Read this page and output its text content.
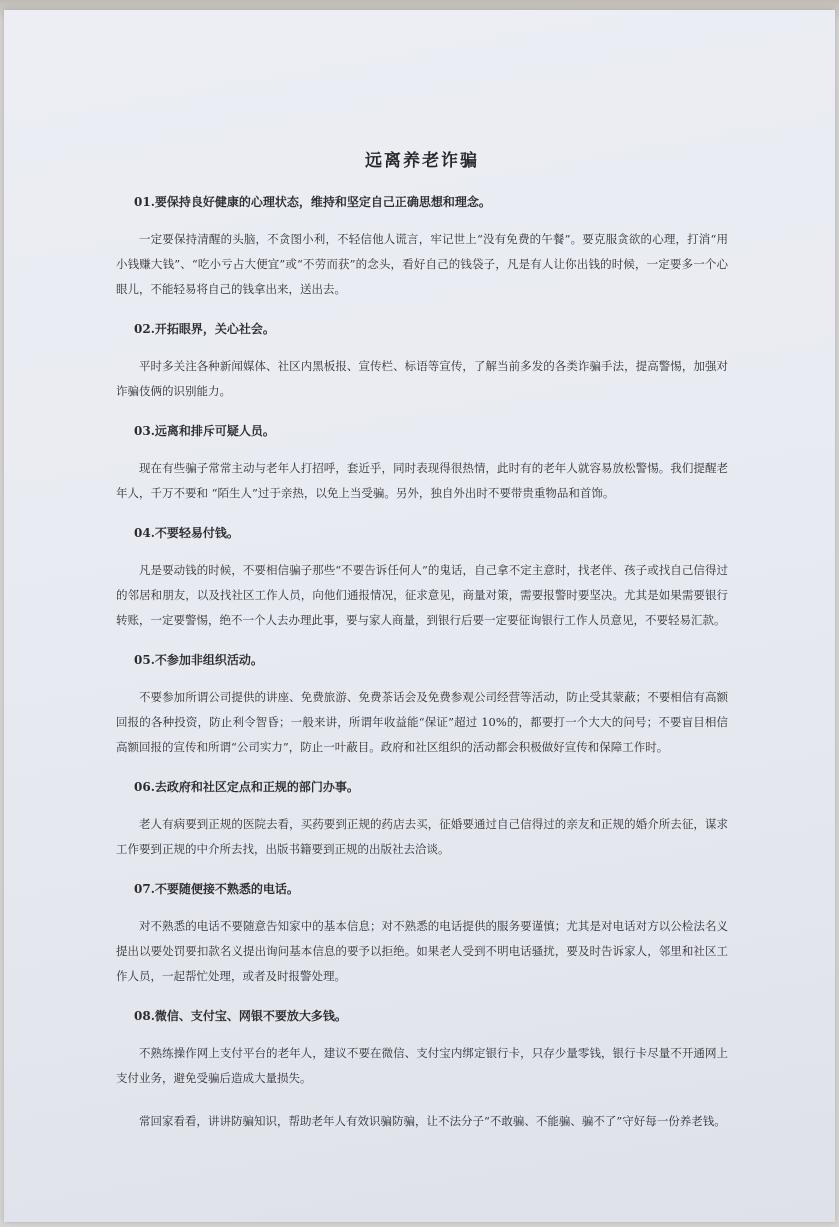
远离养老诈骗
01.要保持良好健康的心理状态，维持和坚定自己正确思想和理念。

一定要保持清醒的头脑，不贪图小利，不轻信他人谎言，牢记世上“没有免费的午餐”。要克服贪欲的心理，打消“用小钱赚大钱”、“吃小亏占大便宜”或“不劳而获”的念头，看好自己的钱袋子，凡是有人让你出钱的时候，一定要多一个心眼儿，不能轻易将自己的钱拿出来，送出去。

02.开拓眼界，关心社会。

平时多关注各种新闻媒体、社区内黑板报、宣传栏、标语等宣传，了解当前多发的各类诈骗手法，提高警惕，加强对诈骗伎俩的识别能力。

03.远离和排斥可疑人员。

现在有些骗子常常主动与老年人打招呼，套近乎，同时表现得很热情，此时有的老年人就容易放松警惕。我们提醒老年人，千万不要和 “陌生人”过于亲热，以免上当受骗。另外，独自外出时不要带贵重物品和首饰。

04.不要轻易付钱。

凡是要动钱的时候，不要相信骗子那些“不要告诉任何人”的鬼话，自己拿不定主意时，找老伴、孩子或找自己信得过的邻居和朋友，以及找社区工作人员，向他们通报情况，征求意见，商量对策，需要报警时要坚决。尤其是如果需要银行转账，一定要警惕，绝不一个人去办理此事，要与家人商量，到银行后要一定要征询银行工作人员意见，不要轻易汇款。

05.不参加非组织活动。

不要参加所谓公司提供的讲座、免费旅游、免费茶话会及免费参观公司经营等活动，防止受其蒙蔽；不要相信有高额回报的各种投资，防止利令智昏；一般来讲，所谓年收益能“保证”超过 10%的，都要打一个大大的问号；不要盲目相信高额回报的宣传和所谓“公司实力”，防止一叶蔽目。政府和社区组织的活动都会积极做好宣传和保障工作时。

06.去政府和社区定点和正规的部门办事。

老人有病要到正规的医院去看，买药要到正规的药店去买，征婚要通过自己信得过的亲友和正规的婚介所去征，谋求工作要到正规的中介所去找，出版书籍要到正规的出版社去洽谈。

07.不要随便接不熟悉的电话。

对不熟悉的电话不要随意告知家中的基本信息；对不熟悉的电话提供的服务要谨慎；尤其是对电话对方以公检法名义提出以要处罚要扣款名义提出询问基本信息的要予以拒绝。如果老人受到不明电话骚扰，要及时告诉家人，邻里和社区工作人员，一起帮忙处理，或者及时报警处理。

08.微信、支付宝、网银不要放大多钱。

不熟练操作网上支付平台的老年人，建议不要在微信、支付宝内绑定银行卡，只存少量零钱，银行卡尽量不开通网上支付业务，避免受骗后造成大量损失。

常回家看看，讲讲防骗知识，帮助老年人有效识骗防骗，让不法分子“不敢骗、不能骗、骗不了”守好每一份养老钱。
